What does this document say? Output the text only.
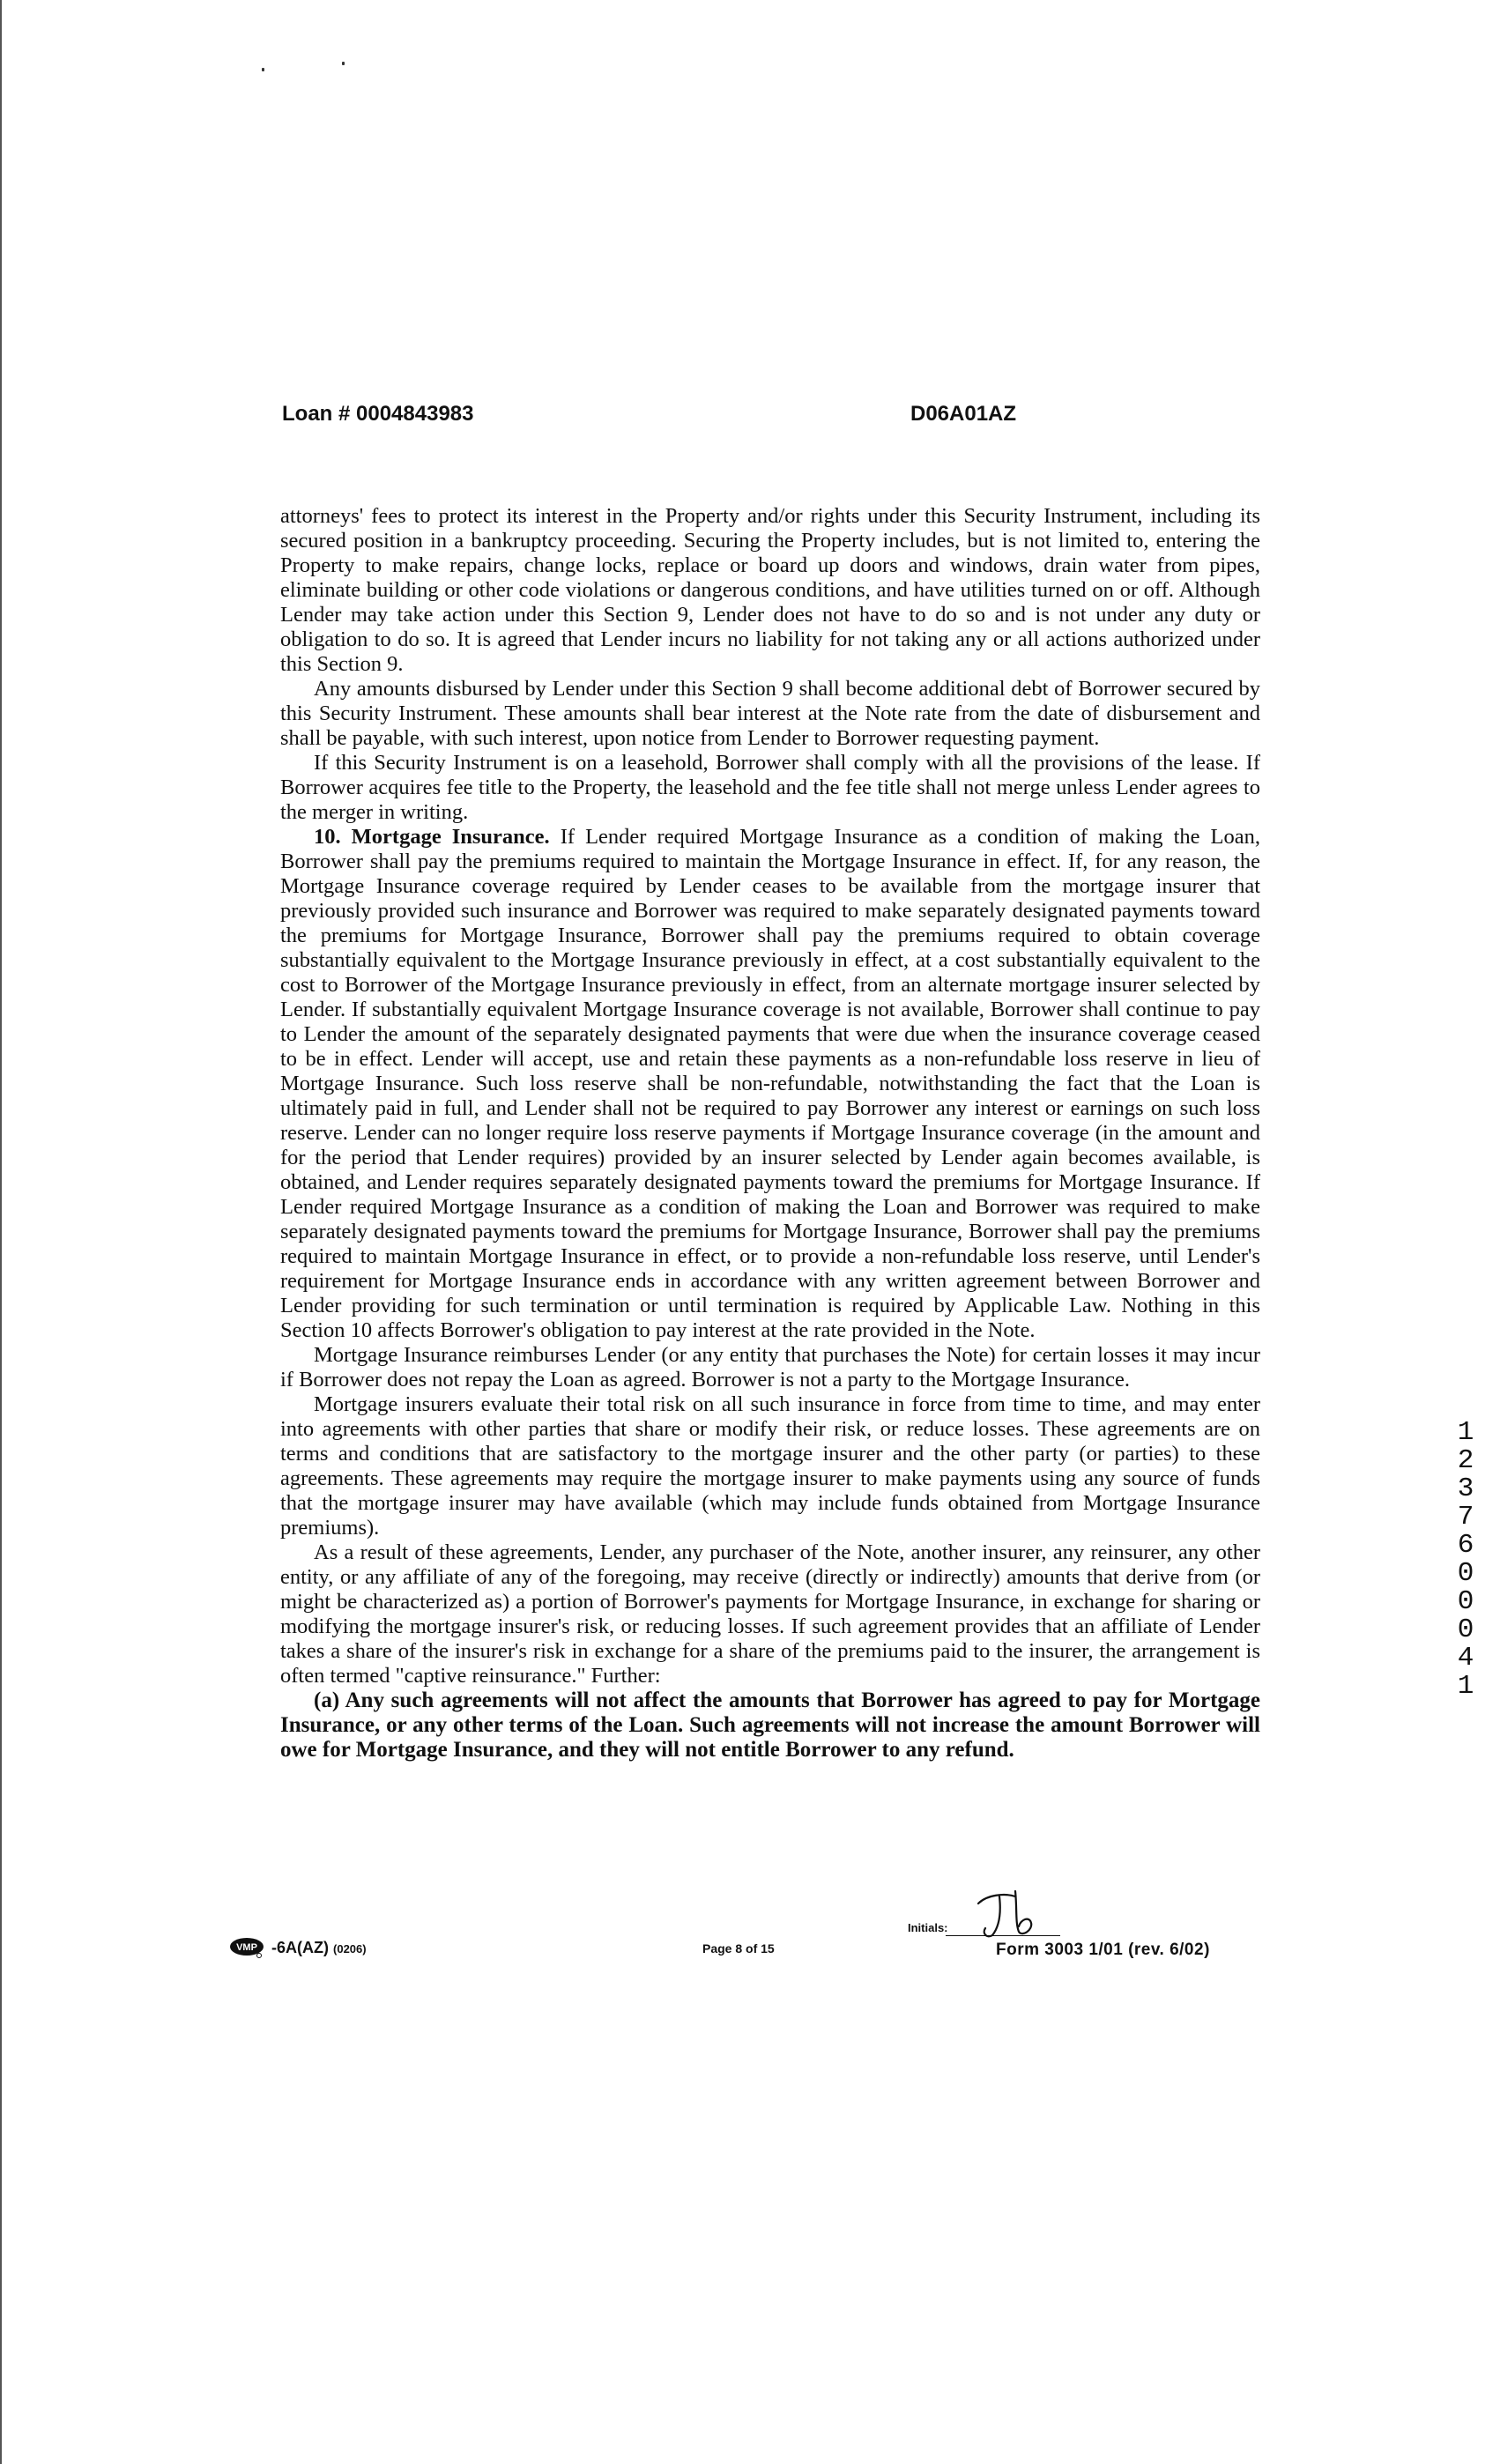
Loan # 0004843983	D06A01AZ

attorneys' fees to protect its interest in the Property and/or rights under this Security Instrument, including its secured position in a bankruptcy proceeding. Securing the Property includes, but is not limited to, entering the Property to make repairs, change locks, replace or board up doors and windows, drain water from pipes, eliminate building or other code violations or dangerous conditions, and have utilities turned on or off. Although Lender may take action under this Section 9, Lender does not have to do so and is not under any duty or obligation to do so. It is agreed that Lender incurs no liability for not taking any or all actions authorized under this Section 9.

Any amounts disbursed by Lender under this Section 9 shall become additional debt of Borrower secured by this Security Instrument. These amounts shall bear interest at the Note rate from the date of disbursement and shall be payable, with such interest, upon notice from Lender to Borrower requesting payment.

If this Security Instrument is on a leasehold, Borrower shall comply with all the provisions of the lease. If Borrower acquires fee title to the Property, the leasehold and the fee title shall not merge unless Lender agrees to the merger in writing.

10. Mortgage Insurance. If Lender required Mortgage Insurance as a condition of making the Loan, Borrower shall pay the premiums required to maintain the Mortgage Insurance in effect. If, for any reason, the Mortgage Insurance coverage required by Lender ceases to be available from the mortgage insurer that previously provided such insurance and Borrower was required to make separately designated payments toward the premiums for Mortgage Insurance, Borrower shall pay the premiums required to obtain coverage substantially equivalent to the Mortgage Insurance previously in effect, at a cost substantially equivalent to the cost to Borrower of the Mortgage Insurance previously in effect, from an alternate mortgage insurer selected by Lender. If substantially equivalent Mortgage Insurance coverage is not available, Borrower shall continue to pay to Lender the amount of the separately designated payments that were due when the insurance coverage ceased to be in effect. Lender will accept, use and retain these payments as a non-refundable loss reserve in lieu of Mortgage Insurance. Such loss reserve shall be non-refundable, notwithstanding the fact that the Loan is ultimately paid in full, and Lender shall not be required to pay Borrower any interest or earnings on such loss reserve. Lender can no longer require loss reserve payments if Mortgage Insurance coverage (in the amount and for the period that Lender requires) provided by an insurer selected by Lender again becomes available, is obtained, and Lender requires separately designated payments toward the premiums for Mortgage Insurance. If Lender required Mortgage Insurance as a condition of making the Loan and Borrower was required to make separately designated payments toward the premiums for Mortgage Insurance, Borrower shall pay the premiums required to maintain Mortgage Insurance in effect, or to provide a non-refundable loss reserve, until Lender's requirement for Mortgage Insurance ends in accordance with any written agreement between Borrower and Lender providing for such termination or until termination is required by Applicable Law. Nothing in this Section 10 affects Borrower's obligation to pay interest at the rate provided in the Note.

Mortgage Insurance reimburses Lender (or any entity that purchases the Note) for certain losses it may incur if Borrower does not repay the Loan as agreed. Borrower is not a party to the Mortgage Insurance.

Mortgage insurers evaluate their total risk on all such insurance in force from time to time, and may enter into agreements with other parties that share or modify their risk, or reduce losses. These agreements are on terms and conditions that are satisfactory to the mortgage insurer and the other party (or parties) to these agreements. These agreements may require the mortgage insurer to make payments using any source of funds that the mortgage insurer may have available (which may include funds obtained from Mortgage Insurance premiums).

As a result of these agreements, Lender, any purchaser of the Note, another insurer, any reinsurer, any other entity, or any affiliate of any of the foregoing, may receive (directly or indirectly) amounts that derive from (or might be characterized as) a portion of Borrower's payments for Mortgage Insurance, in exchange for sharing or modifying the mortgage insurer's risk, or reducing losses. If such agreement provides that an affiliate of Lender takes a share of the insurer's risk in exchange for a share of the premiums paid to the insurer, the arrangement is often termed "captive reinsurance." Further:

(a) Any such agreements will not affect the amounts that Borrower has agreed to pay for Mortgage Insurance, or any other terms of the Loan. Such agreements will not increase the amount Borrower will owe for Mortgage Insurance, and they will not entitle Borrower to any refund.

VMP -6A(AZ) (0206)	Page 8 of 15
Initials:
Form 3003 1/01 (rev. 6/02)
12376 00041
